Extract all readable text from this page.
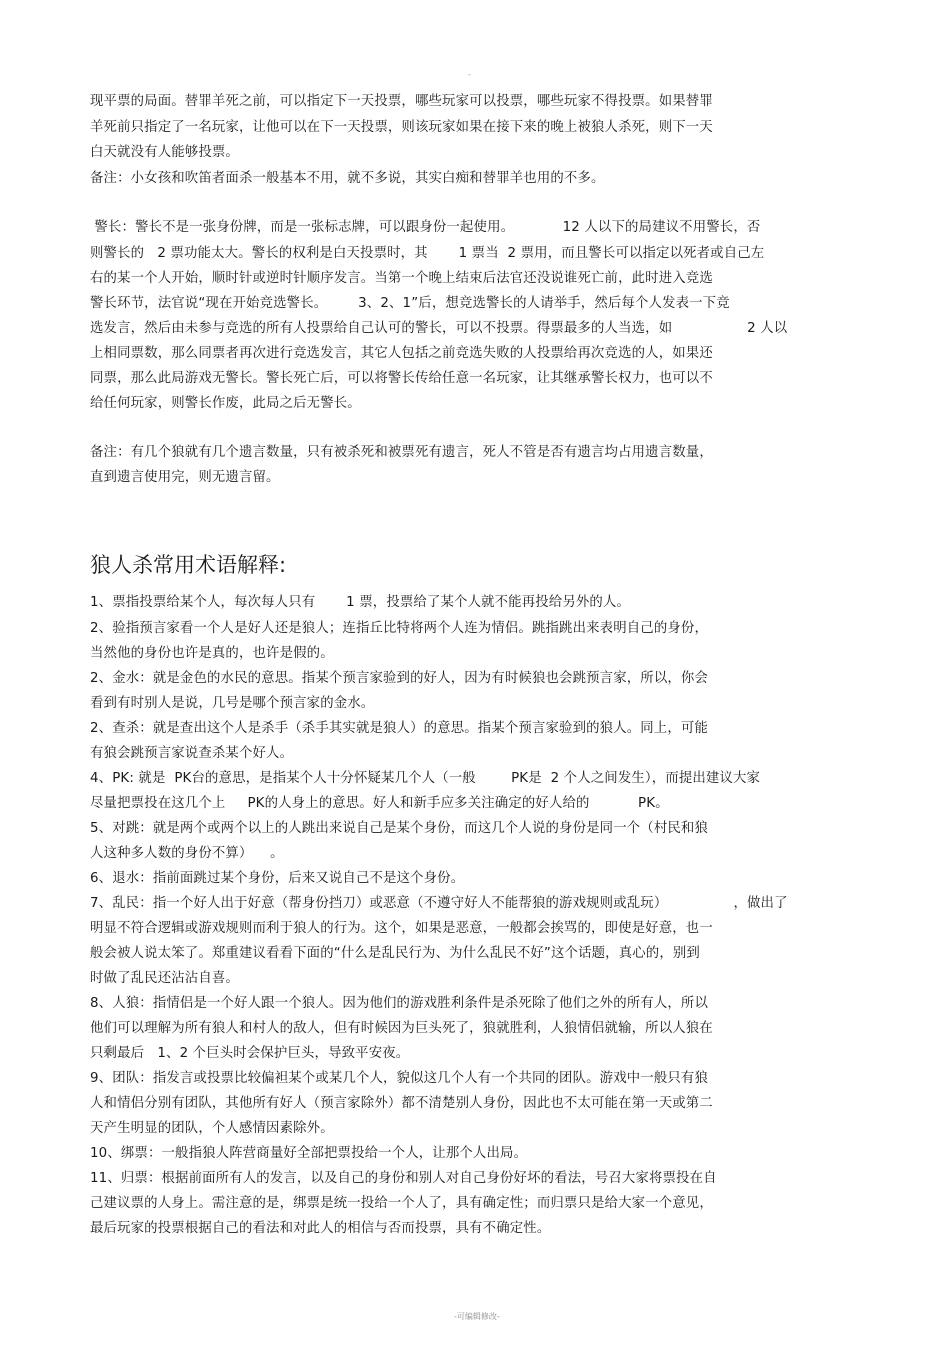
-
现平票的局面。替罪羊死之前，可以指定下一天投票，哪些玩家可以投票，哪些玩家不得投票。如果替罪
羊死前只指定了一名玩家，让他可以在下一天投票，则该玩家如果在接下来的晚上被狼人杀死，则下一天
白天就没有人能够投票。
备注：小女孩和吹笛者面杀一般基本不用，就不多说，其实白痴和替罪羊也用的不多。
警长：警长不是一张身份牌，而是一张标志牌，可以跟身份一起使用。           12 人以下的局建议不用警长，否
则警长的   2 票功能太大。警长的权利是白天投票时，其       1 票当  2 票用，而且警长可以指定以死者或自己左
右的某一个人开始，顺时针或逆时针顺序发言。当第一个晚上结束后法官还没说谁死亡前，此时进入竞选
警长环节，法官说“现在开始竞选警长。       3、2、1”后，想竞选警长的人请举手，然后每个人发表一下竞
选发言，然后由未参与竞选的所有人投票给自己认可的警长，可以不投票。得票最多的人当选，如                 2 人以
上相同票数，那么同票者再次进行竞选发言，其它人包括之前竞选失败的人投票给再次竞选的人，如果还
同票，那么此局游戏无警长。警长死亡后，可以将警长传给任意一名玩家，让其继承警长权力，也可以不
给任何玩家，则警长作废，此局之后无警长。
备注：有几个狼就有几个遗言数量，只有被杀死和被票死有遗言，死人不管是否有遗言均占用遗言数量，
直到遗言使用完，则无遗言留。
狼人杀常用术语解释:
1、票指投票给某个人，每次每人只有       1 票，投票给了某个人就不能再投给另外的人。
2、验指预言家看一个人是好人还是狼人；连指丘比特将两个人连为情侣。跳指跳出来表明自己的身份，
当然他的身份也许是真的，也许是假的。
2、金水：就是金色的水民的意思。指某个预言家验到的好人，因为有时候狼也会跳预言家，所以，你会
看到有时别人是说，几号是哪个预言家的金水。
2、查杀：就是查出这个人是杀手（杀手其实就是狼人）的意思。指某个预言家验到的狼人。同上，可能
有狼会跳预言家说查杀某个好人。
4、PK: 就是  PK台的意思，是指某个人十分怀疑某几个人（一般        PK是  2 个人之间发生），而提出建议大家
尽量把票投在这几个上     PK的人身上的意思。好人和新手应多关注确定的好人给的           PK。
5、对跳：就是两个或两个以上的人跳出来说自己是某个身份，而这几个人说的身份是同一个（村民和狼
人这种多人数的身份不算）    。
6、退水：指前面跳过某个身份，后来又说自己不是这个身份。
7、乱民：指一个好人出于好意（帮身份挡刀）或恶意（不遵守好人不能帮狼的游戏规则或乱玩）               ，做出了
明显不符合逻辑或游戏规则而利于狼人的行为。这个，如果是恶意，一般都会挨骂的，即使是好意，也一
般会被人说太笨了。郑重建议看看下面的“什么是乱民行为、为什么乱民不好”这个话题，真心的，别到
时做了乱民还沾沾自喜。
8、人狼：指情侣是一个好人跟一个狼人。因为他们的游戏胜利条件是杀死除了他们之外的所有人，所以
他们可以理解为所有狼人和村人的敌人，但有时候因为巨头死了，狼就胜利，人狼情侣就输，所以人狼在
只剩最后   1、2 个巨头时会保护巨头，导致平安夜。
9、团队：指发言或投票比较偏袒某个或某几个人，貌似这几个人有一个共同的团队。游戏中一般只有狼
人和情侣分别有团队，其他所有好人（预言家除外）都不清楚别人身份，因此也不太可能在第一天或第二
天产生明显的团队，个人感情因素除外。
10、绑票：一般指狼人阵营商量好全部把票投给一个人，让那个人出局。
11、归票：根据前面所有人的发言，以及自己的身份和别人对自己身份好坏的看法，号召大家将票投在自
己建议票的人身上。需注意的是，绑票是统一投给一个人了，具有确定性；而归票只是给大家一个意见，
最后玩家的投票根据自己的看法和对此人的相信与否而投票，具有不确定性。
-可编辑修改-
